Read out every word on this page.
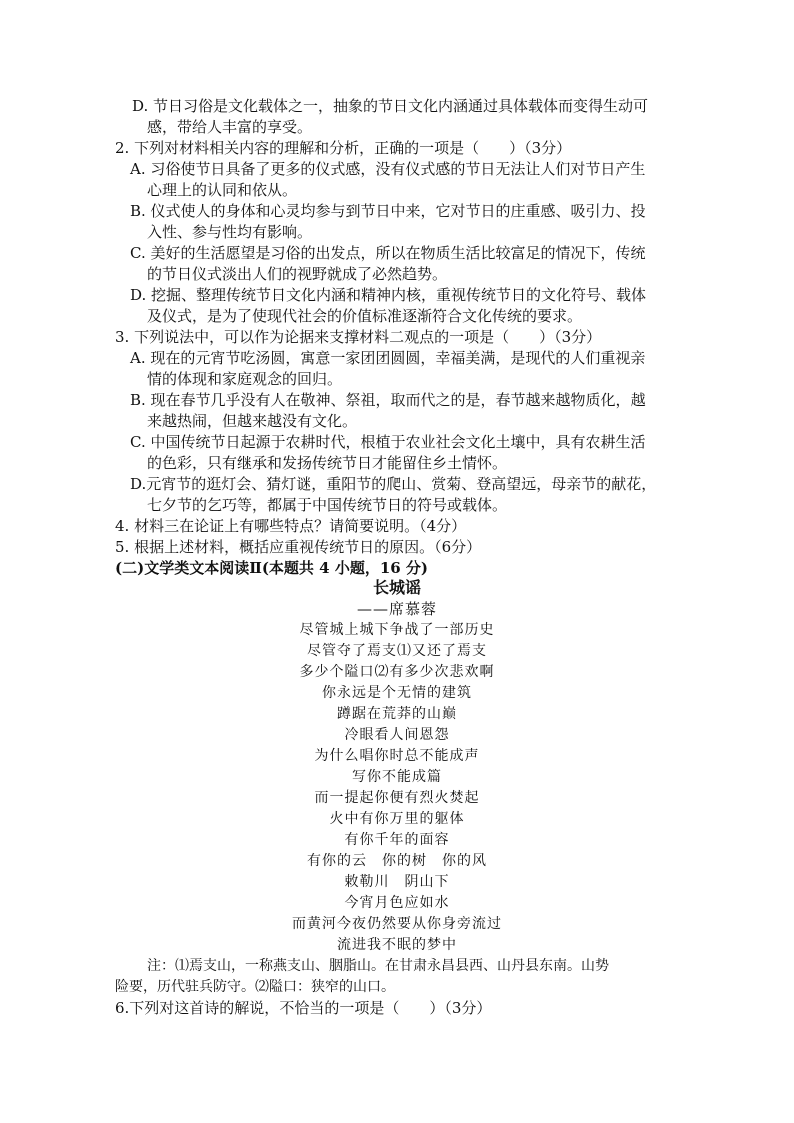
D. 节日习俗是文化载体之一，抽象的节日文化内涵通过具体载体而变得生动可
感，带给人丰富的享受。
2. 下列对材料相关内容的理解和分析，正确的一项是（　　）（3分）
A. 习俗使节日具备了更多的仪式感，没有仪式感的节日无法让人们对节日产生
心理上的认同和依从。
B. 仪式使人的身体和心灵均参与到节日中来，它对节日的庄重感、吸引力、投
入性、参与性均有影响。
C. 美好的生活愿望是习俗的出发点，所以在物质生活比较富足的情况下，传统
的节日仪式淡出人们的视野就成了必然趋势。
D. 挖掘、整理传统节日文化内涵和精神内核，重视传统节日的文化符号、载体
及仪式，是为了使现代社会的价值标准逐渐符合文化传统的要求。
3. 下列说法中，可以作为论据来支撑材料二观点的一项是（　　）（3分）
A. 现在的元宵节吃汤圆，寓意一家团团圆圆，幸福美满，是现代的人们重视亲
情的体现和家庭观念的回归。
B. 现在春节几乎没有人在敬神、祭祖，取而代之的是，春节越来越物质化，越
来越热闹，但越来越没有文化。
C. 中国传统节日起源于农耕时代，根植于农业社会文化土壤中，具有农耕生活
的色彩，只有继承和发扬传统节日才能留住乡土情怀。
D.元宵节的逛灯会、猜灯谜，重阳节的爬山、赏菊、登高望远，母亲节的献花，
七夕节的乞巧等，都属于中国传统节日的符号或载体。
4. 材料三在论证上有哪些特点？请简要说明。（4分）
5. 根据上述材料，概括应重视传统节日的原因。（6分）
(二)文学类文本阅读Ⅱ(本题共 4 小题，16 分)
长城谣
——席慕蓉
尽管城上城下争战了一部历史
尽管夺了焉支⑴又还了焉支
多少个隘口⑵有多少次悲欢啊
你永远是个无情的建筑
蹲踞在荒莽的山巅
冷眼看人间恩怨
为什么唱你时总不能成声
写你不能成篇
而一提起你便有烈火焚起
火中有你万里的躯体
有你千年的面容
有你的云　你的树　你的风
敕勒川　阴山下
今宵月色应如水
而黄河今夜仍然要从你身旁流过
流进我不眠的梦中
注：⑴焉支山，一称燕支山、胭脂山。在甘肃永昌县西、山丹县东南。山势
险要，历代驻兵防守。⑵隘口：狭窄的山口。
6.下列对这首诗的解说，不恰当的一项是（　　）（3分）
